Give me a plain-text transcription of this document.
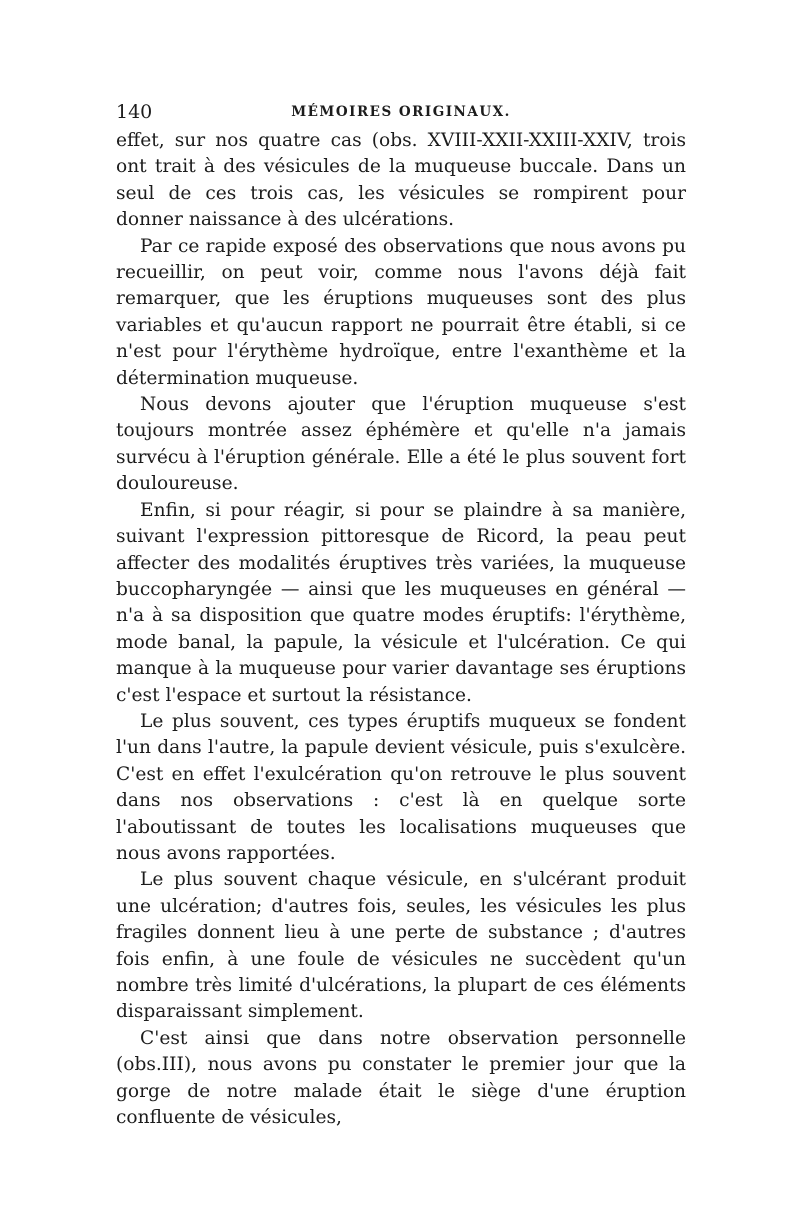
140	MÉMOIRES ORIGINAUX.

effet, sur nos quatre cas (obs. XVIII-XXII-XXIII-XXIV, trois ont trait à des vésicules de la muqueuse buccale. Dans un seul de ces trois cas, les vésicules se rompirent pour donner naissance à des ulcérations.

Par ce rapide exposé des observations que nous avons pu recueillir, on peut voir, comme nous l'avons déjà fait remarquer, que les éruptions muqueuses sont des plus variables et qu'aucun rapport ne pourrait être établi, si ce n'est pour l'érythème hydroïque, entre l'exanthème et la détermination muqueuse.

Nous devons ajouter que l'éruption muqueuse s'est toujours montrée assez éphémère et qu'elle n'a jamais survécu à l'éruption générale. Elle a été le plus souvent fort douloureuse.

Enfin, si pour réagir, si pour se plaindre à sa manière, suivant l'expression pittoresque de Ricord, la peau peut affecter des modalités éruptives très variées, la muqueuse buccopharyngée — ainsi que les muqueuses en général — n'a à sa disposition que quatre modes éruptifs: l'érythème, mode banal, la papule, la vésicule et l'ulcération. Ce qui manque à la muqueuse pour varier davantage ses éruptions c'est l'espace et surtout la résistance.

Le plus souvent, ces types éruptifs muqueux se fondent l'un dans l'autre, la papule devient vésicule, puis s'exulcère. C'est en effet l'exulcération qu'on retrouve le plus souvent dans nos observations : c'est là en quelque sorte l'aboutissant de toutes les localisations muqueuses que nous avons rapportées.

Le plus souvent chaque vésicule, en s'ulcérant produit une ulcération; d'autres fois, seules, les vésicules les plus fragiles donnent lieu à une perte de substance ; d'autres fois enfin, à une foule de vésicules ne succèdent qu'un nombre très limité d'ulcérations, la plupart de ces éléments disparaissant simplement.

C'est ainsi que dans notre observation personnelle (obs.III), nous avons pu constater le premier jour que la gorge de notre malade était le siège d'une éruption confluente de vésicules,
